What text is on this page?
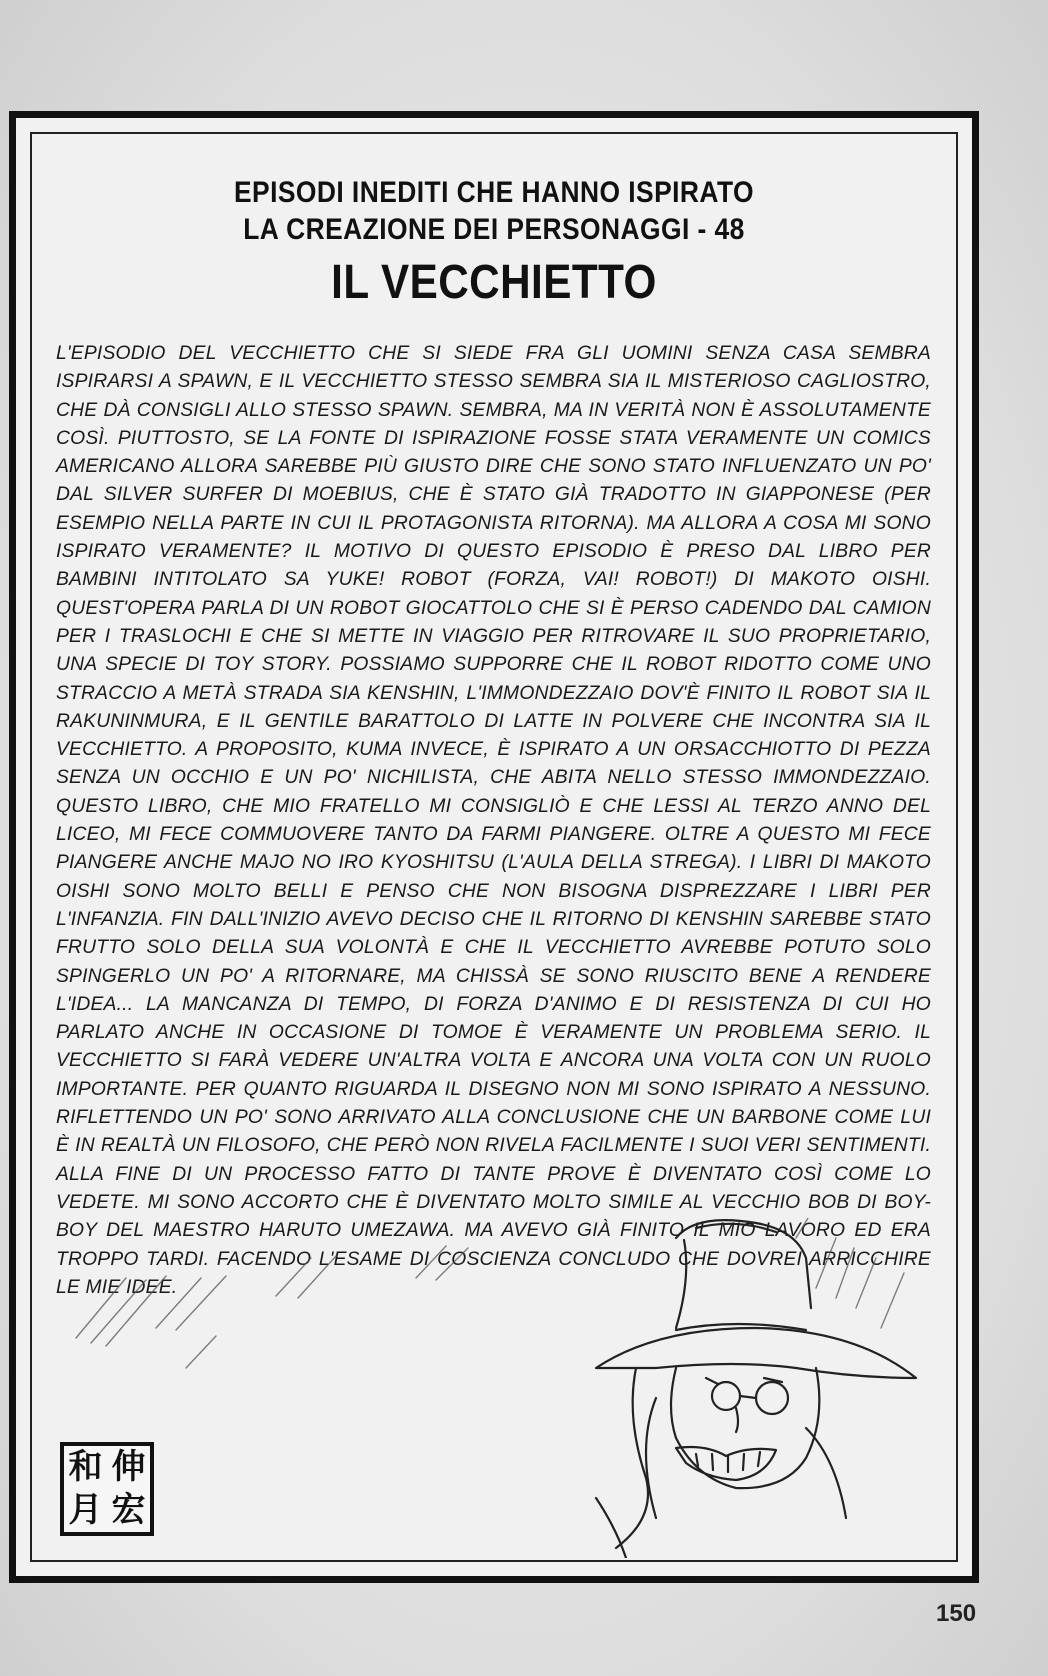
EPISODI INEDITI CHE HANNO ISPIRATO
LA CREAZIONE DEI PERSONAGGI - 48
IL VECCHIETTO

L'EPISODIO DEL VECCHIETTO CHE SI SIEDE FRA GLI UOMINI SENZA CASA SEMBRA ISPIRARSI A SPAWN, E IL VECCHIETTO STESSO SEMBRA SIA IL MISTERIOSO CAGLIOSTRO, CHE DÀ CONSIGLI ALLO STESSO SPAWN. SEMBRA, MA IN VERITÀ NON È ASSOLUTAMENTE COSÌ. PIUTTOSTO, SE LA FONTE DI ISPIRAZIONE FOSSE STATA VERAMENTE UN COMICS AMERICANO ALLORA SAREBBE PIÙ GIUSTO DIRE CHE SONO STATO INFLUENZATO UN PO' DAL SILVER SURFER DI MOEBIUS, CHE È STATO GIÀ TRADOTTO IN GIAPPONESE (PER ESEMPIO NELLA PARTE IN CUI IL PROTAGONISTA RITORNA). MA ALLORA A COSA MI SONO ISPIRATO VERAMENTE? IL MOTIVO DI QUESTO EPISODIO È PRESO DAL LIBRO PER BAMBINI INTITOLATO SA YUKE! ROBOT (FORZA, VAI! ROBOT!) DI MAKOTO OISHI. QUEST'OPERA PARLA DI UN ROBOT GIOCATTOLO CHE SI È PERSO CADENDO DAL CAMION PER I TRASLOCHI E CHE SI METTE IN VIAGGIO PER RITROVARE IL SUO PROPRIETARIO, UNA SPECIE DI TOY STORY. POSSIAMO SUPPORRE CHE IL ROBOT RIDOTTO COME UNO STRACCIO A METÀ STRADA SIA KENSHIN, L'IMMONDEZZAIO DOV'È FINITO IL ROBOT SIA IL RAKUNINMURA, E IL GENTILE BARATTOLO DI LATTE IN POLVERE CHE INCONTRA SIA IL VECCHIETTO. A PROPOSITO, KUMA INVECE, È ISPIRATO A UN ORSACCHIOTTO DI PEZZA SENZA UN OCCHIO E UN PO' NICHILISTA, CHE ABITA NELLO STESSO IMMONDEZZAIO. QUESTO LIBRO, CHE MIO FRATELLO MI CONSIGLIÒ E CHE LESSI AL TERZO ANNO DEL LICEO, MI FECE COMMUOVERE TANTO DA FARMI PIANGERE. OLTRE A QUESTO MI FECE PIANGERE ANCHE MAJO NO IRO KYOSHITSU (L'AULA DELLA STREGA). I LIBRI DI MAKOTO OISHI SONO MOLTO BELLI E PENSO CHE NON BISOGNA DISPREZZARE I LIBRI PER L'INFANZIA. FIN DALL'INIZIO AVEVO DECISO CHE IL RITORNO DI KENSHIN SAREBBE STATO FRUTTO SOLO DELLA SUA VOLONTÀ E CHE IL VECCHIETTO AVREBBE POTUTO SOLO SPINGERLO UN PO' A RITORNARE, MA CHISSÀ SE SONO RIUSCITO BENE A RENDERE L'IDEA... LA MANCANZA DI TEMPO, DI FORZA D'ANIMO E DI RESISTENZA DI CUI HO PARLATO ANCHE IN OCCASIONE DI TOMOE È VERAMENTE UN PROBLEMA SERIO. IL VECCHIETTO SI FARÀ VEDERE UN'ALTRA VOLTA E ANCORA UNA VOLTA CON UN RUOLO IMPORTANTE. PER QUANTO RIGUARDA IL DISEGNO NON MI SONO ISPIRATO A NESSUNO. RIFLETTENDO UN PO' SONO ARRIVATO ALLA CONCLUSIONE CHE UN BARBONE COME LUI È IN REALTÀ UN FILOSOFO, CHE PERÒ NON RIVELA FACILMENTE I SUOI VERI SENTIMENTI. ALLA FINE DI UN PROCESSO FATTO DI TANTE PROVE È DIVENTATO COSÌ COME LO VEDETE. MI SONO ACCORTO CHE È DIVENTATO MOLTO SIMILE AL VECCHIO BOB DI BOY-BOY DEL MAESTRO HARUTO UMEZAWA. MA AVEVO GIÀ FINITO IL MIO LAVORO ED ERA TROPPO TARDI. FACENDO L'ESAME DI COSCIENZA CONCLUDO CHE DOVREI ARRICCHIRE LE MIE IDEE.

伸
和
宏
月
150
